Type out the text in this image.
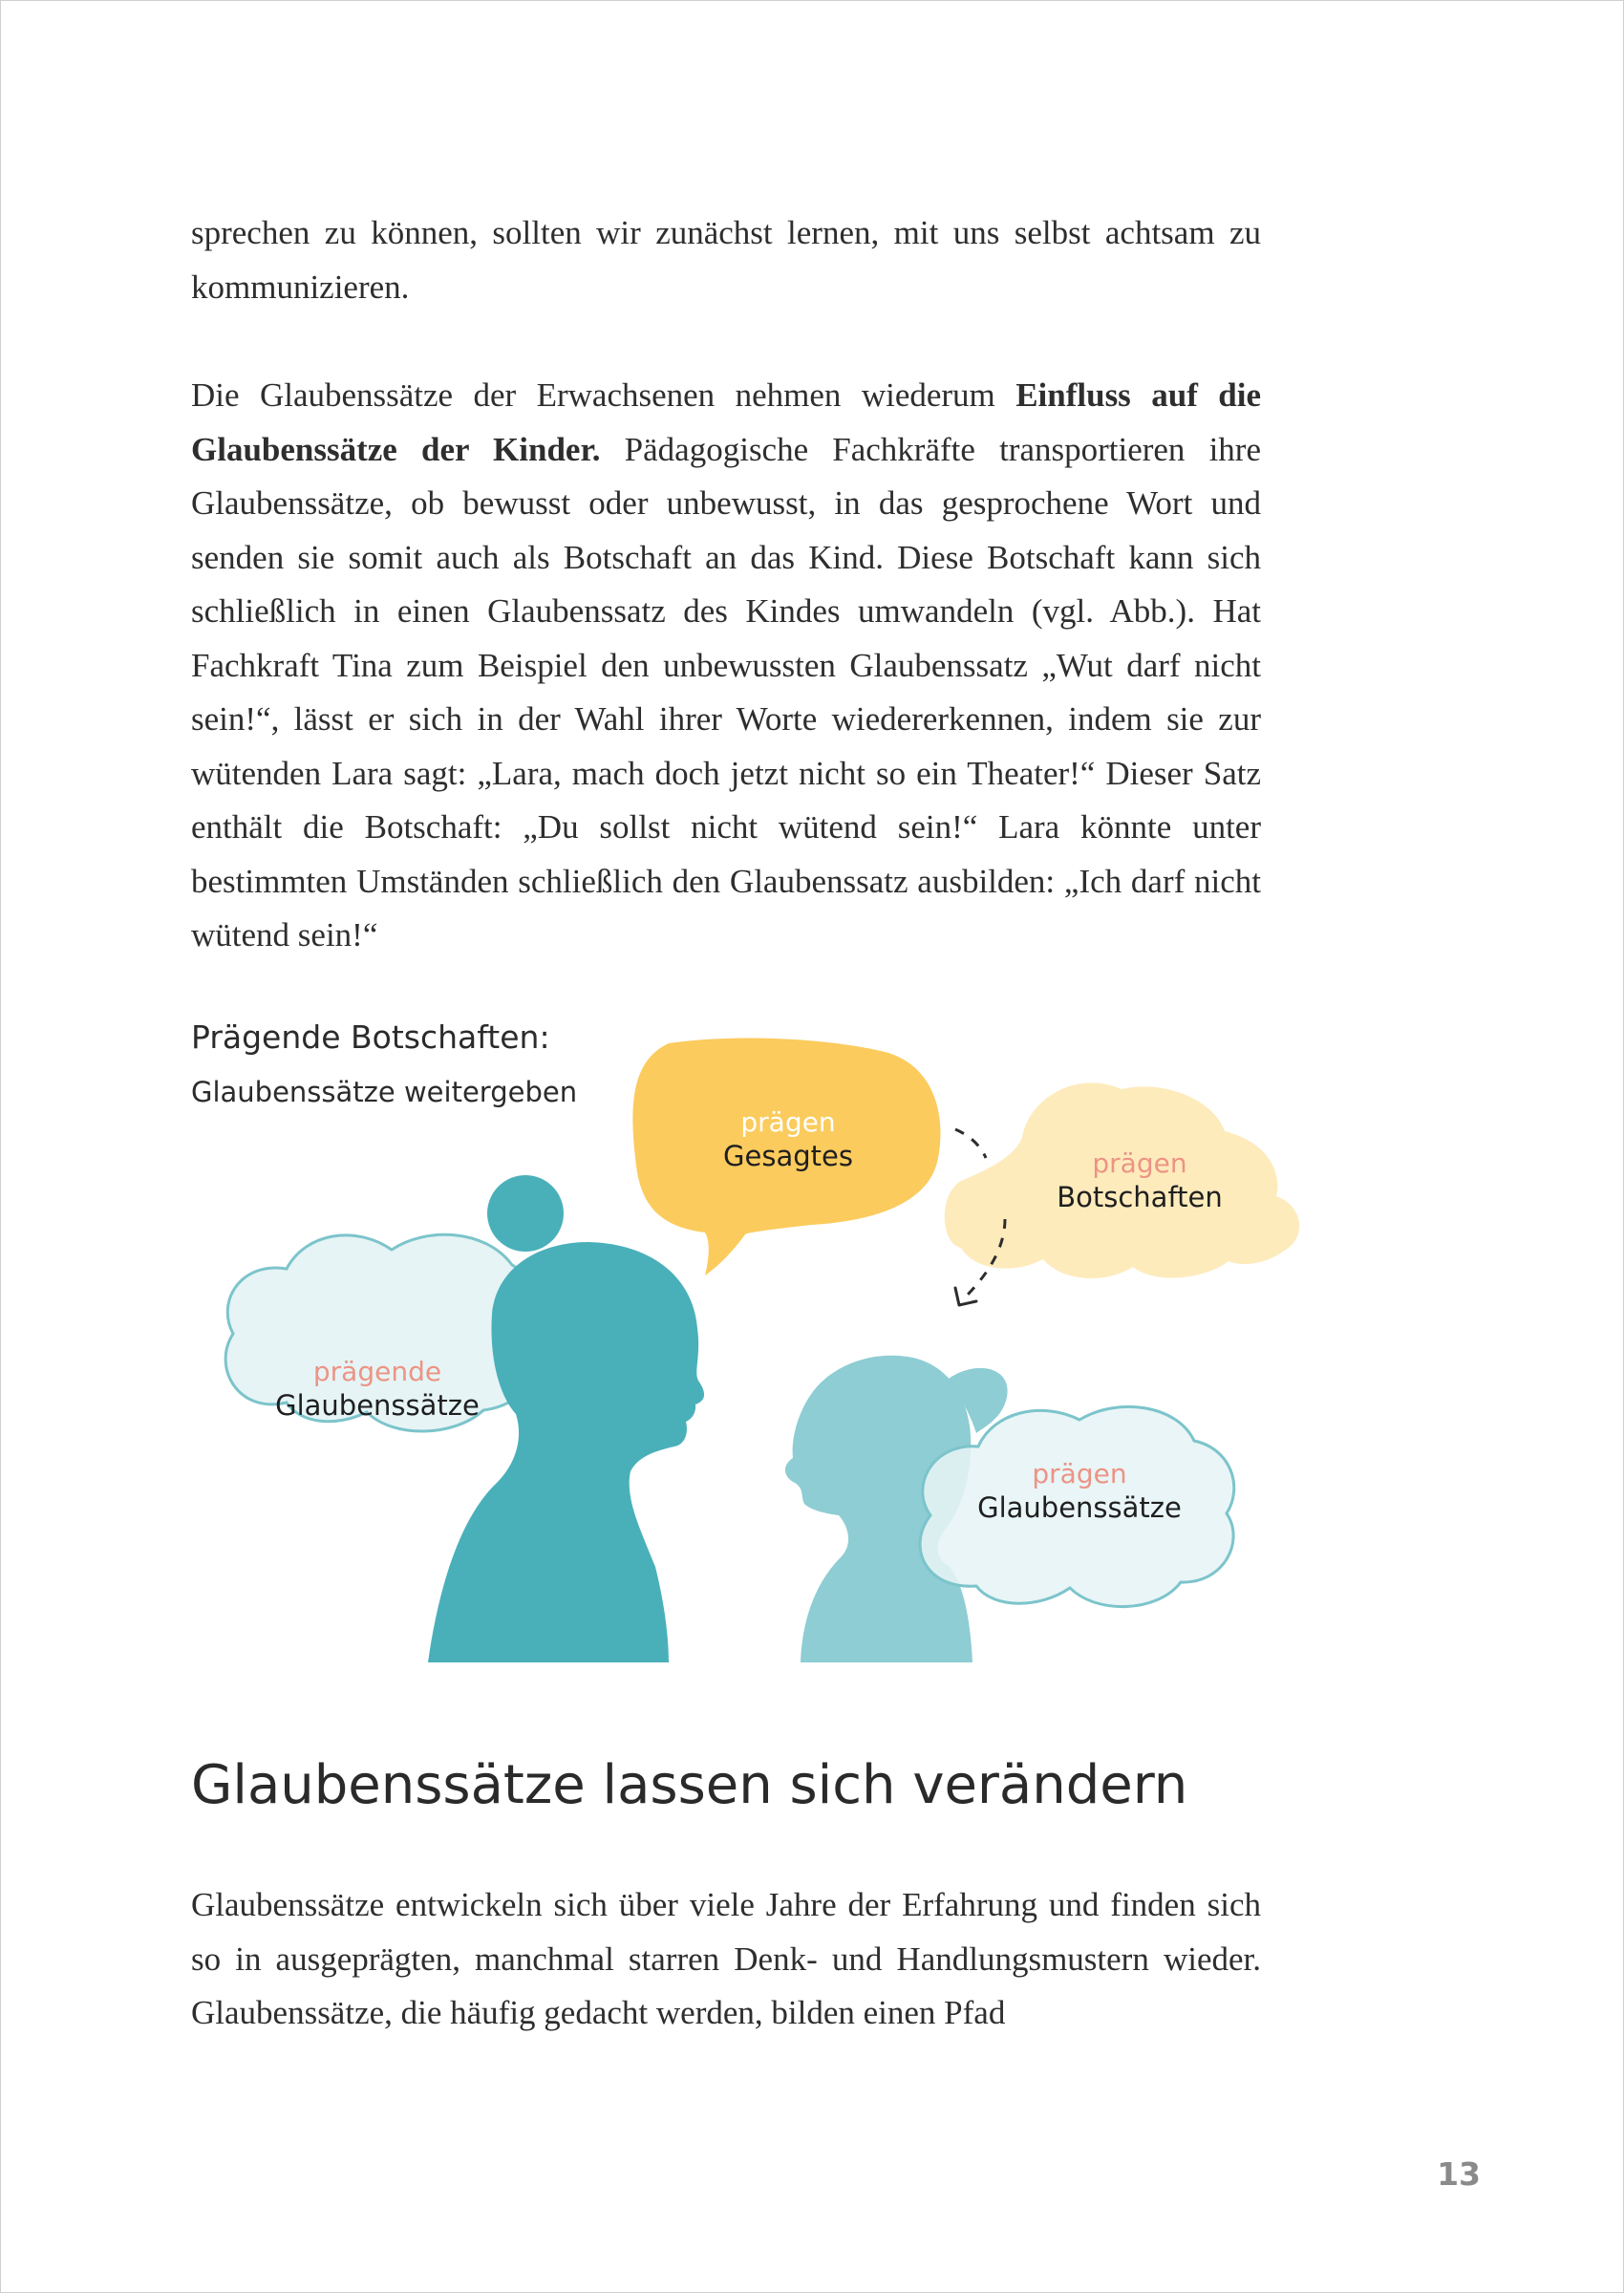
sprechen zu können, sollten wir zunächst lernen, mit uns selbst achtsam zu kommunizieren.

Die Glaubenssätze der Erwachsenen nehmen wiederum Einfluss auf die Glaubenssätze der Kinder. Pädagogische Fachkräfte transportieren ihre Glaubenssätze, ob bewusst oder unbewusst, in das gesprochene Wort und senden sie somit auch als Botschaft an das Kind. Diese Botschaft kann sich schließlich in einen Glaubenssatz des Kindes umwandeln (vgl. Abb.). Hat Fachkraft Tina zum Beispiel den unbewussten Glaubenssatz „Wut darf nicht sein!“, lässt er sich in der Wahl ihrer Worte wiedererkennen, indem sie zur wütenden Lara sagt: „Lara, mach doch jetzt nicht so ein Theater!“ Dieser Satz enthält die Botschaft: „Du sollst nicht wütend sein!“ Lara könnte unter bestimmten Umständen schließlich den Glaubenssatz ausbilden: „Ich darf nicht wütend sein!“

Prägende Botschaften:
Glaubenssätze weitergeben
prägende
Glaubenssätze
prägen
Gesagtes	prägen
Botschaften
prägen
Glaubenssätze
Glaubenssätze lassen sich verändern

Glaubenssätze entwickeln sich über viele Jahre der Erfahrung und finden sich so in ausgeprägten, manchmal starren Denk- und Handlungsmustern wieder. Glaubenssätze, die häufig gedacht werden, bilden einen Pfad

13
